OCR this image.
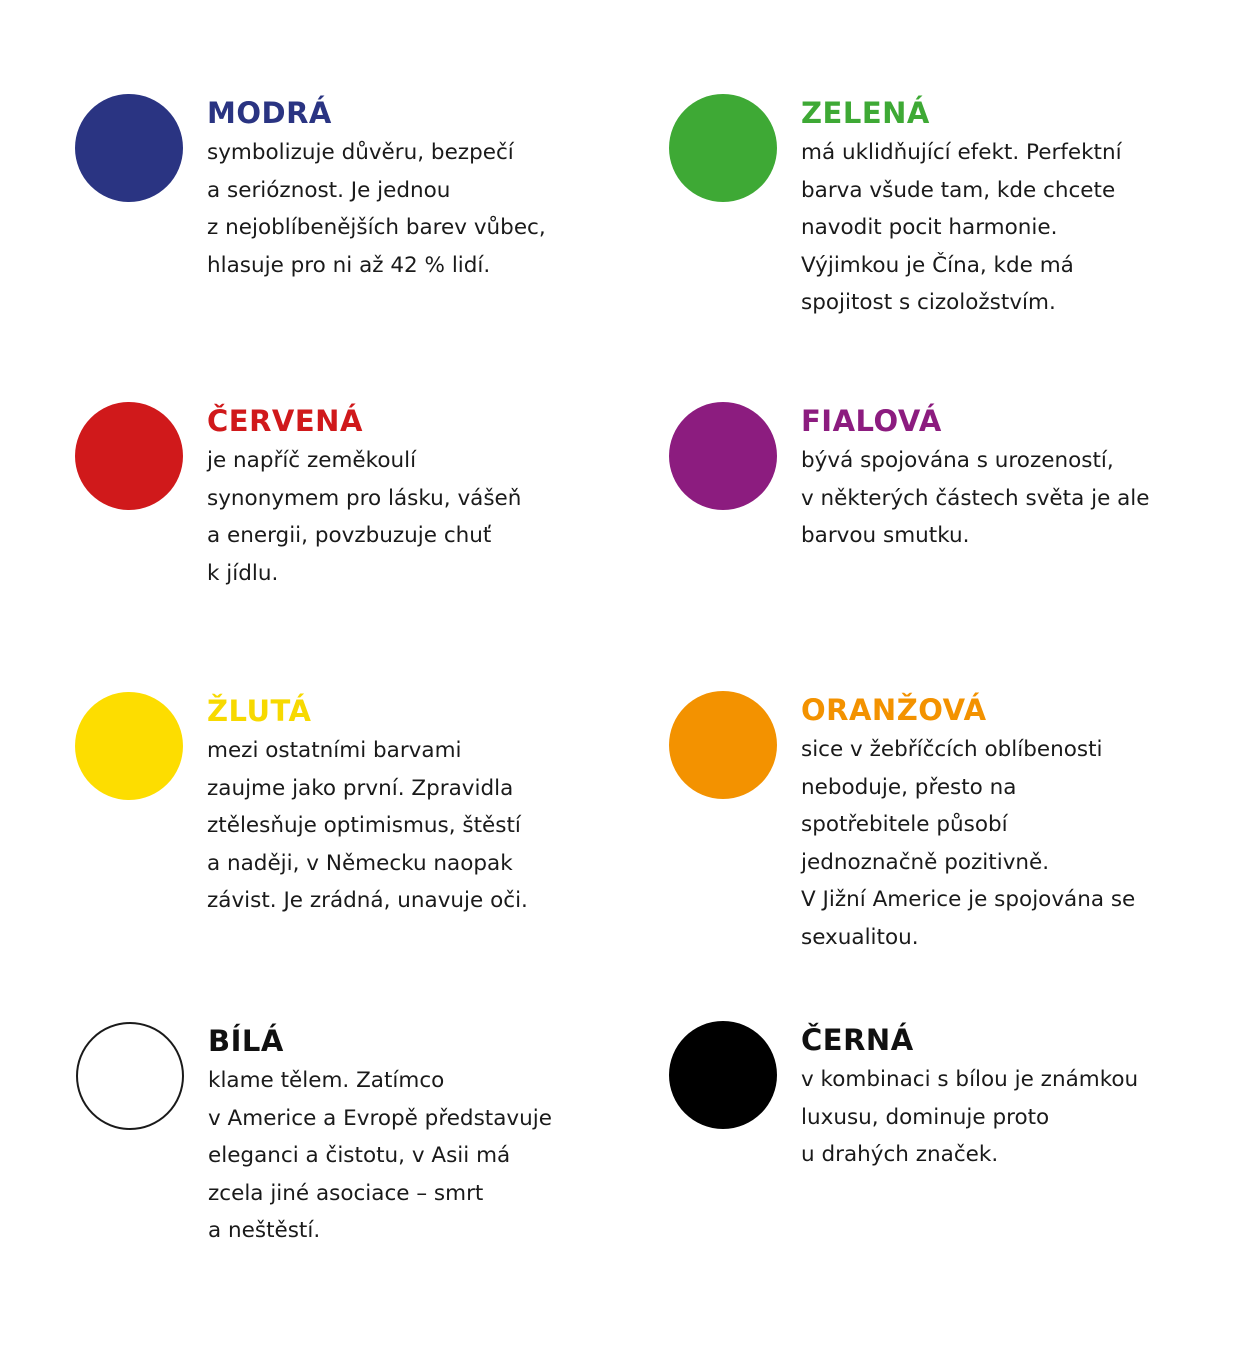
MODRÁ

symbolizuje důvěru, bezpečí
a serióznost. Je jednou
z nejoblíbenějších barev vůbec,
hlasuje pro ni až 42 % lidí.

ZELENÁ

má uklidňující efekt. Perfektní
barva všude tam, kde chcete
navodit pocit harmonie.
Výjimkou je Čína, kde má
spojitost s cizoložstvím.

ČERVENÁ

je napříč zeměkoulí
synonymem pro lásku, vášeň
a energii, povzbuzuje chuť
k jídlu.

FIALOVÁ

bývá spojována s urozeností,
v některých částech světa je ale
barvou smutku.

ŽLUTÁ

mezi ostatními barvami
zaujme jako první. Zpravidla
ztělesňuje optimismus, štěstí
a naději, v Německu naopak
závist. Je zrádná, unavuje oči.

ORANŽOVÁ

sice v žebříčcích oblíbenosti
neboduje, přesto na
spotřebitele působí
jednoznačně pozitivně.
V Jižní Americe je spojována se
sexualitou.

BÍLÁ

klame tělem. Zatímco
v Americe a Evropě představuje
eleganci a čistotu, v Asii má
zcela jiné asociace – smrt
a neštěstí.

ČERNÁ

v kombinaci s bílou je známkou
luxusu, dominuje proto
u drahých značek.
